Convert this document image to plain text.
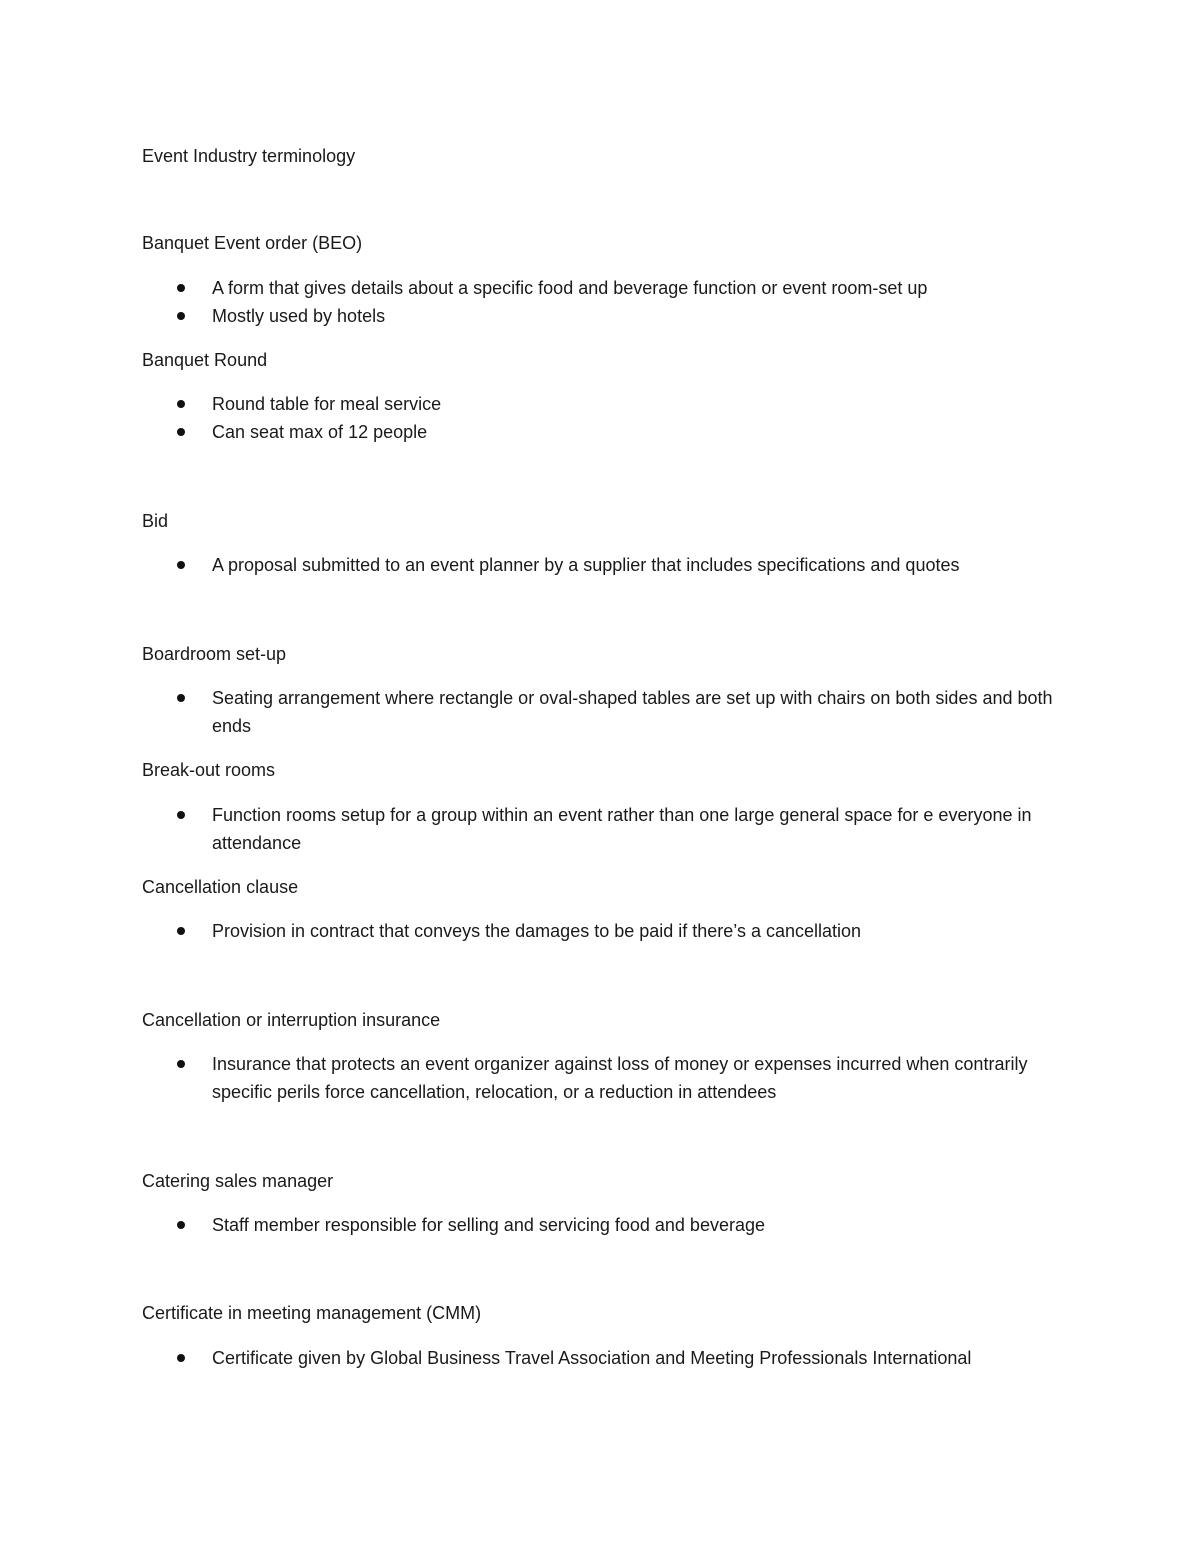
Event Industry terminology
Banquet Event order (BEO)
A form that gives details about a specific food and beverage function or event room-set up
Mostly used by hotels
Banquet Round
Round table for meal service
Can seat max of 12 people
Bid
A proposal submitted to an event planner by a supplier that includes specifications and quotes
Boardroom set-up
Seating arrangement where rectangle or oval-shaped tables are set up with chairs on both sides and both ends
Break-out rooms
Function rooms setup for a group within an event rather than one large general space for e everyone in attendance
Cancellation clause
Provision in contract that conveys the damages to be paid if there’s a cancellation
Cancellation or interruption insurance
Insurance that protects an event organizer against loss of money or expenses incurred when contrarily specific perils force cancellation, relocation, or a reduction in attendees
Catering sales manager
Staff member responsible for selling and servicing food and beverage
Certificate in meeting management (CMM)
Certificate given by Global Business Travel Association and Meeting Professionals International
